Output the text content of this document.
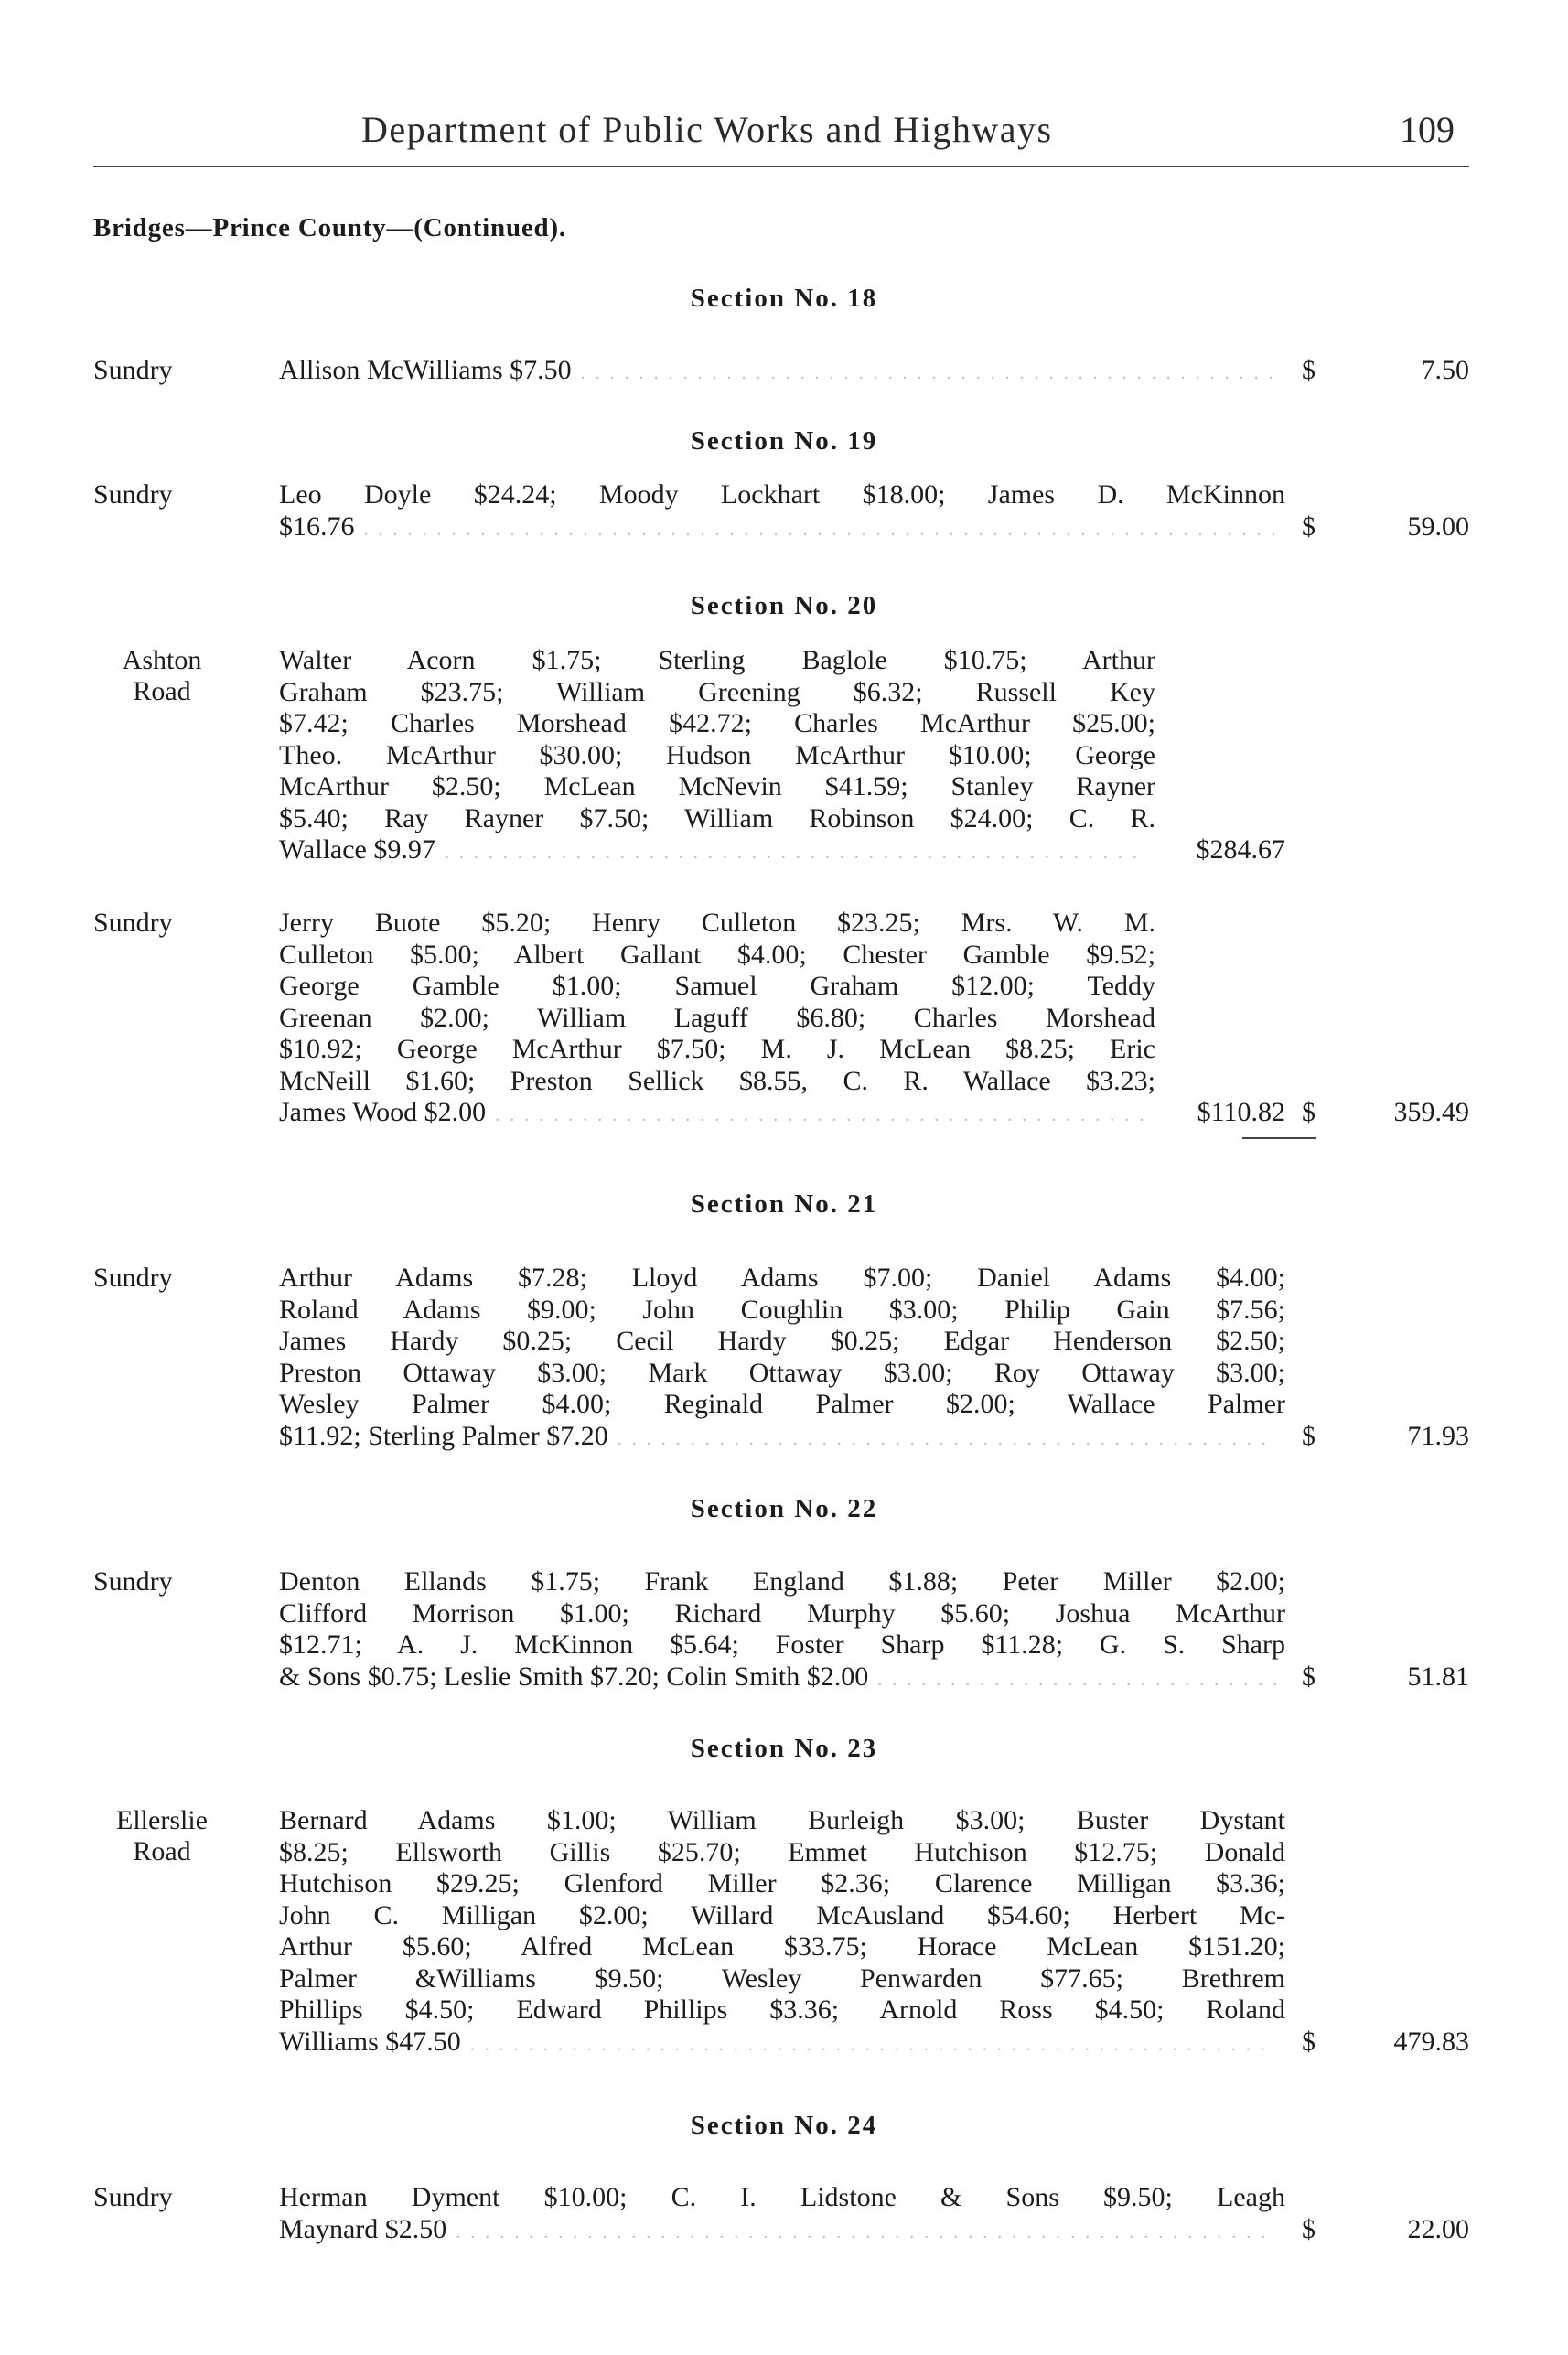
Department of Public Works and Highways	109
Bridges—Prince County—(Continued).
Section No. 18
Sundry	Allison McWilliams $7.50 . . .	$	7.50
Section No. 19
Sundry	Leo Doyle $24.24; Moody Lockhart $18.00; James D. McKinnon
$16.76 . . .	$	59.00
Section No. 20
Ashton Road
Walter Acorn $1.75; Sterling Baglole $10.75; Arthur
Graham $23.75; William Greening $6.32; Russell Key
$7.42; Charles Morshead $42.72; Charles McArthur $25.00;
Theo. McArthur $30.00; Hudson McArthur $10.00; George
McArthur $2.50; McLean McNevin $41.59; Stanley Rayner
$5.40; Ray Rayner $7.50; William Robinson $24.00; C. R.
Wallace $9.97 . . .	$284.67
Sundry	Jerry Buote $5.20; Henry Culleton $23.25; Mrs. W. M.
Culleton $5.00; Albert Gallant $4.00; Chester Gamble $9.52;
George Gamble $1.00; Samuel Graham $12.00; Teddy
Greenan $2.00; William Laguff $6.80; Charles Morshead
$10.92; George McArthur $7.50; M. J. McLean $8.25; Eric
McNeill $1.60; Preston Sellick $8.55, C. R. Wallace $3.23;
James Wood $2.00 . . .	$110.82 $	359.49
Section No. 21
Sundry	Arthur Adams $7.28; Lloyd Adams $7.00; Daniel Adams $4.00;
Roland Adams $9.00; John Coughlin $3.00; Philip Gain $7.56;
James Hardy $0.25; Cecil Hardy $0.25; Edgar Henderson $2.50;
Preston Ottaway $3.00; Mark Ottaway $3.00; Roy Ottaway $3.00;
Wesley Palmer $4.00; Reginald Palmer $2.00; Wallace Palmer
$11.92; Sterling Palmer $7.20 . . .	$	71.93
Section No. 22
Sundry	Denton Ellands $1.75; Frank England $1.88; Peter Miller $2.00;
Clifford Morrison $1.00; Richard Murphy $5.60; Joshua McArthur
$12.71; A. J. McKinnon $5.64; Foster Sharp $11.28; G. S. Sharp
& Sons $0.75; Leslie Smith $7.20; Colin Smith $2.00 . . .	$	51.81
Section No. 23
Ellerslie Road
Bernard Adams $1.00; William Burleigh $3.00; Buster Dystant
$8.25; Ellsworth Gillis $25.70; Emmet Hutchison $12.75; Donald
Hutchison $29.25; Glenford Miller $2.36; Clarence Milligan $3.36;
John C. Milligan $2.00; Willard McAusland $54.60; Herbert Mc-
Arthur $5.60; Alfred McLean $33.75; Horace McLean $151.20;
Palmer &Williams $9.50; Wesley Penwarden $77.65; Brethrem
Phillips $4.50; Edward Phillips $3.36; Arnold Ross $4.50; Roland
Williams $47.50 . . .	$	479.83
Section No. 24
Sundry	Herman Dyment $10.00; C. I. Lidstone & Sons $9.50; Leagh
Maynard $2.50 . . .	$	22.00
